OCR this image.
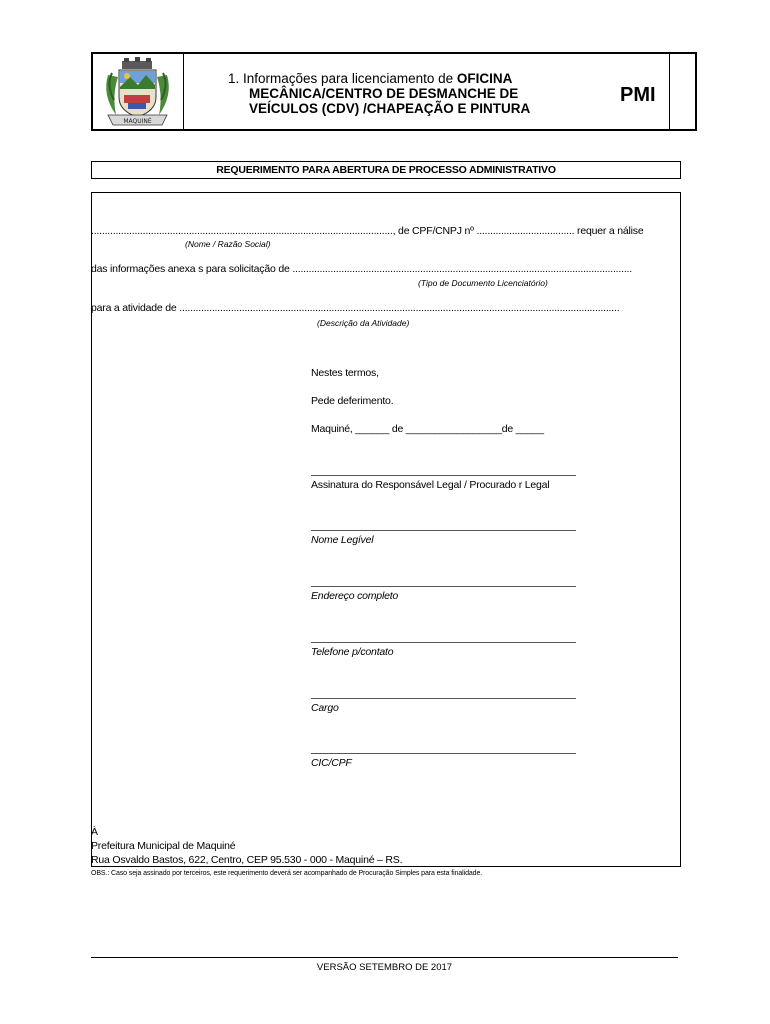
MAQUINÉ
1. Informações para licenciamento de OFICINA
MECÂNICA/CENTRO DE DESMANCHE DE
VEÍCULOS (CDV) /CHAPEAÇÃO E PINTURA
PMI
REQUERIMENTO PARA ABERTURA DE PROCESSO ADMINISTRATIVO
..............................................................................................................., de CPF/CNPJ nº .................................... requer a nálise
(Nome / Razão Social)
das informações anexa s para solicitação de .............................................................................................................................
(Tipo de Documento Licenciatório)
para a atividade de ..................................................................................................................................................................
(Descrição da Atividade)
Nestes termos,
Pede deferimento.
Maquiné, ______ de _________________de _____
Assinatura do Responsável Legal / Procurado r Legal
Nome Legível
Endereço completo
Telefone p/contato
Cargo
CIC/CPF
À
Prefeitura Municipal de Maquiné
Rua Osvaldo Bastos, 622, Centro, CEP 95.530 - 000 - Maquiné – RS.
OBS.: Caso seja assinado por terceiros, este requerimento deverá ser acompanhado de Procuração Simples para esta finalidade.
VERSÃO SETEMBRO DE 2017
